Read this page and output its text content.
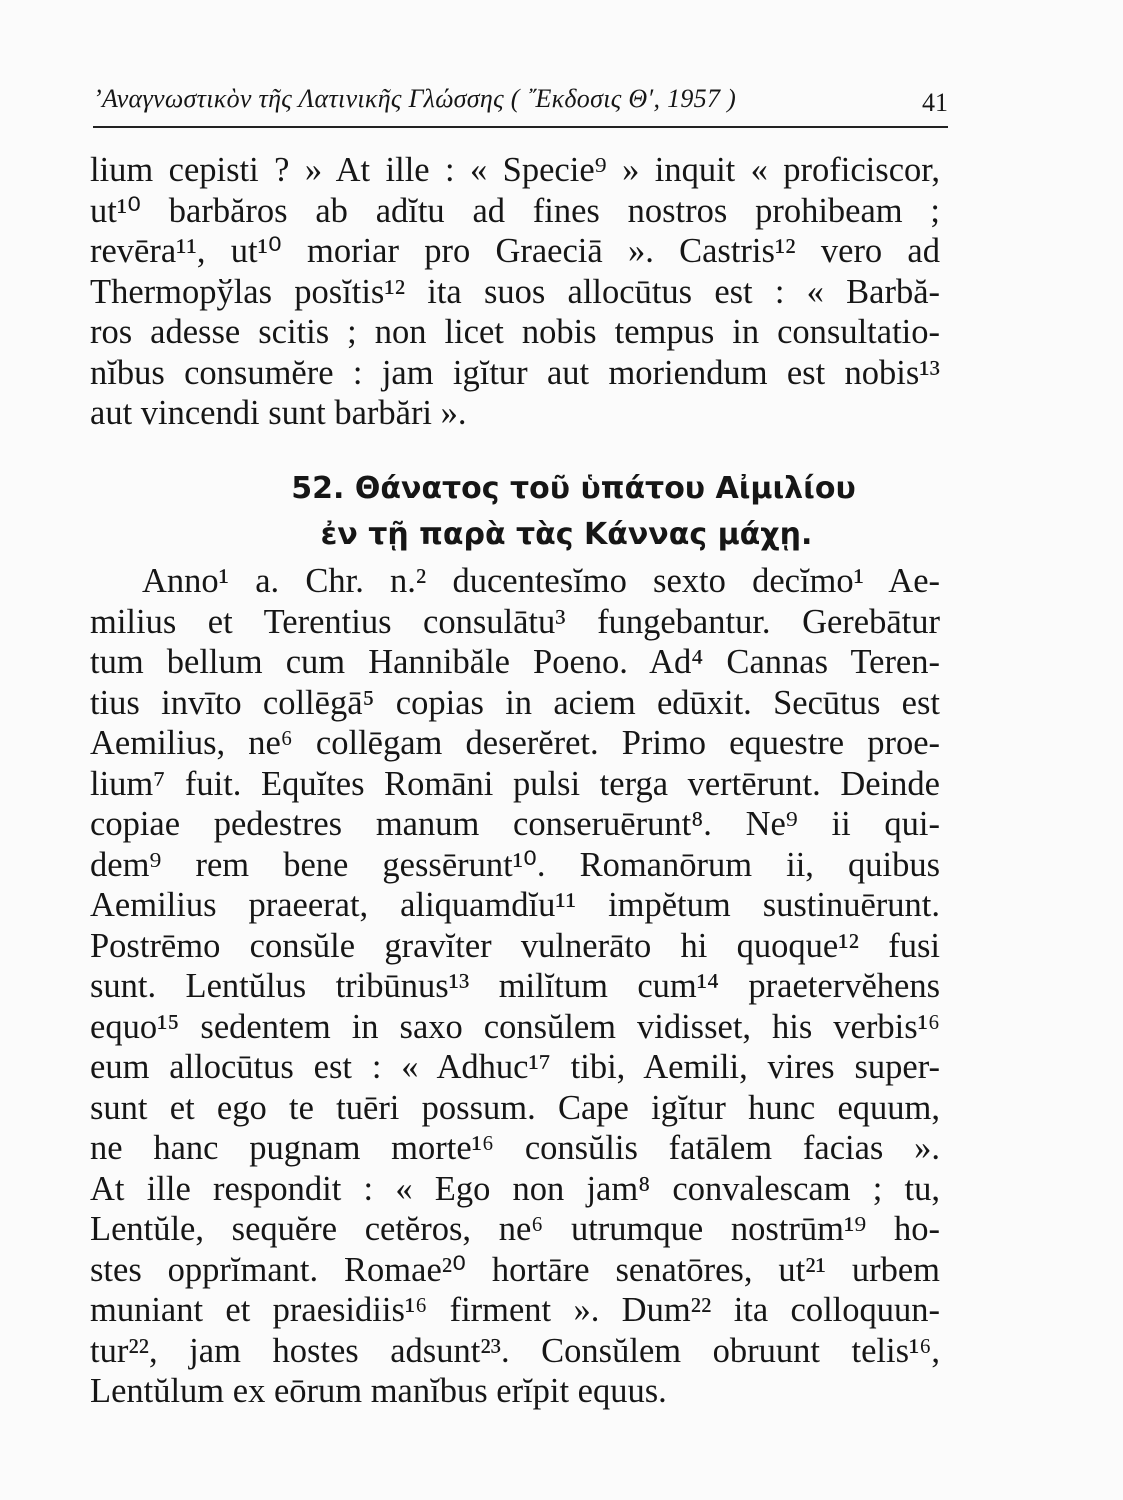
’Αναγνωστικὸν τῆς Λατινικῆς Γλώσσης ( ῎Εκδοσις Θ′, 1957 )	41
lium cepisti ? » At ille : « Specie⁹ » inquit « proficiscor,
ut¹⁰ barbăros ab adĭtu ad fines nostros prohibeam ;
revēra¹¹, ut¹⁰ moriar pro Graeciā ». Castris¹² vero ad
Thermopўlas posĭtis¹² ita suos allocūtus est : « Barbă-
ros adesse scitis ; non licet nobis tempus in consultatio-
nĭbus consumĕre : jam igĭtur aut moriendum est nobis¹³
aut vincendi sunt barbări ».
52. Θάνατος τοῦ ὑπάτου Αἰμιλίου
ἐν τῇ παρὰ τὰς Κάννας μάχῃ.
Anno¹ a. Chr. n.² ducentesĭmo sexto decĭmo¹ Ae-
milius et Terentius consulātu³ fungebantur. Gerebātur
tum bellum cum Hannibăle Poeno. Ad⁴ Cannas Teren-
tius invīto collēgā⁵ copias in aciem edūxit. Secūtus est
Aemilius, ne⁶ collēgam deserĕret. Primo equestre proe-
lium⁷ fuit. Equĭtes Romāni pulsi terga vertērunt. Deinde
copiae pedestres manum conseruērunt⁸. Ne⁹ ii qui-
dem⁹ rem bene gessērunt¹⁰. Romanōrum ii, quibus
Aemilius praeerat, aliquamdĭu¹¹ impĕtum sustinuērunt.
Postrēmo consŭle gravĭter vulnerāto hi quoque¹² fusi
sunt. Lentŭlus tribūnus¹³ milĭtum cum¹⁴ praetervĕhens
equo¹⁵ sedentem in saxo consŭlem vidisset, his verbis¹⁶
eum allocūtus est : « Adhuc¹⁷ tibi, Aemili, vires super-
sunt et ego te tuēri possum. Cape igĭtur hunc equum,
ne hanc pugnam morte¹⁶ consŭlis fatālem facias ».
At ille respondit : « Ego non jam⁸ convalescam ; tu,
Lentŭle, sequĕre cetĕros, ne⁶ utrumque nostrūm¹⁹ ho-
stes opprĭmant. Romae²⁰ hortāre senatōres, ut²¹ urbem
muniant et praesidiis¹⁶ firment ». Dum²² ita colloquun-
tur²², jam hostes adsunt²³. Consŭlem obruunt telis¹⁶,
Lentŭlum ex eōrum manĭbus erĭpit equus.
